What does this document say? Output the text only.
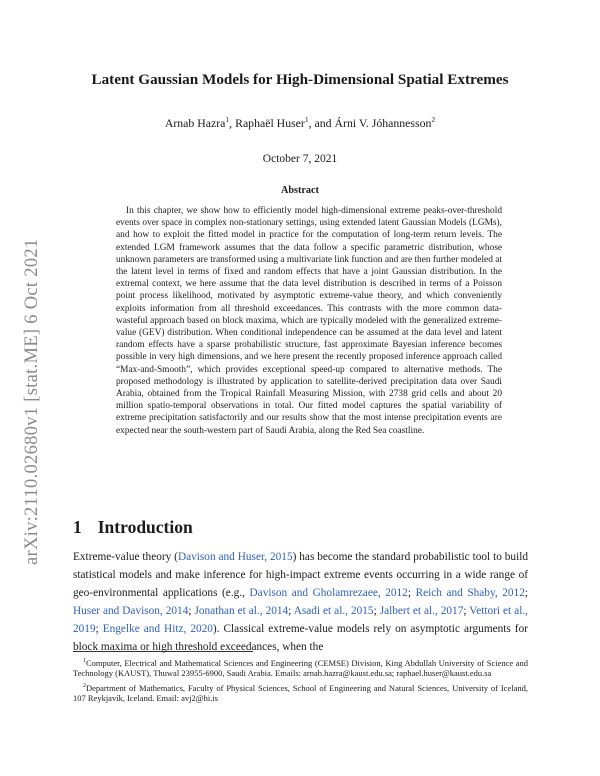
arXiv:2110.02680v1 [stat.ME] 6 Oct 2021
Latent Gaussian Models for High-Dimensional Spatial Extremes
Arnab Hazra$^1$, Raphaël Huser$^1$, and Árni V. Jóhannesson$^2$
October 7, 2021
Abstract
In this chapter, we show how to efficiently model high-dimensional extreme peaks-over-threshold events over space in complex non-stationary settings, using extended latent Gaussian Models (LGMs), and how to exploit the fitted model in practice for the computation of long-term return levels. The extended LGM framework assumes that the data follow a specific parametric distribution, whose unknown parameters are transformed using a multivariate link function and are then further modeled at the latent level in terms of fixed and random effects that have a joint Gaussian distribution. In the extremal context, we here assume that the data level distribution is described in terms of a Poisson point process likelihood, motivated by asymptotic extreme-value theory, and which conveniently exploits information from all threshold exceedances. This contrasts with the more common data-wasteful approach based on block maxima, which are typically modeled with the generalized extreme-value (GEV) distribution. When conditional independence can be assumed at the data level and latent random effects have a sparse probabilistic structure, fast approximate Bayesian inference becomes possible in very high dimensions, and we here present the recently proposed inference approach called “Max-and-Smooth”, which provides exceptional speed-up compared to alternative methods. The proposed methodology is illustrated by application to satellite-derived precipitation data over Saudi Arabia, obtained from the Tropical Rainfall Measuring Mission, with 2738 grid cells and about 20 million spatio-temporal observations in total. Our fitted model captures the spatial variability of extreme precipitation satisfactorily and our results show that the most intense precipitation events are expected near the south-western part of Saudi Arabia, along the Red Sea coastline.
1 Introduction
Extreme-value theory (Davison and Huser, 2015) has become the standard probabilistic tool to build statistical models and make inference for high-impact extreme events occurring in a wide range of geo-environmental applications (e.g., Davison and Gholamrezaee, 2012; Reich and Shaby, 2012; Huser and Davison, 2014; Jonathan et al., 2014; Asadi et al., 2015; Jalbert et al., 2017; Vettori et al., 2019; Engelke and Hitz, 2020). Classical extreme-value models rely on asymptotic arguments for block maxima or high threshold exceedances, when the

$^1$Computer, Electrical and Mathematical Sciences and Engineering (CEMSE) Division, King Abdullah University of Science and Technology (KAUST), Thuwal 23955-6900, Saudi Arabia. Emails: arnab.hazra@kaust.edu.sa; raphael.huser@kaust.edu.sa

$^2$Department of Mathematics, Faculty of Physical Sciences, School of Engineering and Natural Sciences, University of Iceland, 107 Reykjavík, Iceland. Email: avj2@hi.is
